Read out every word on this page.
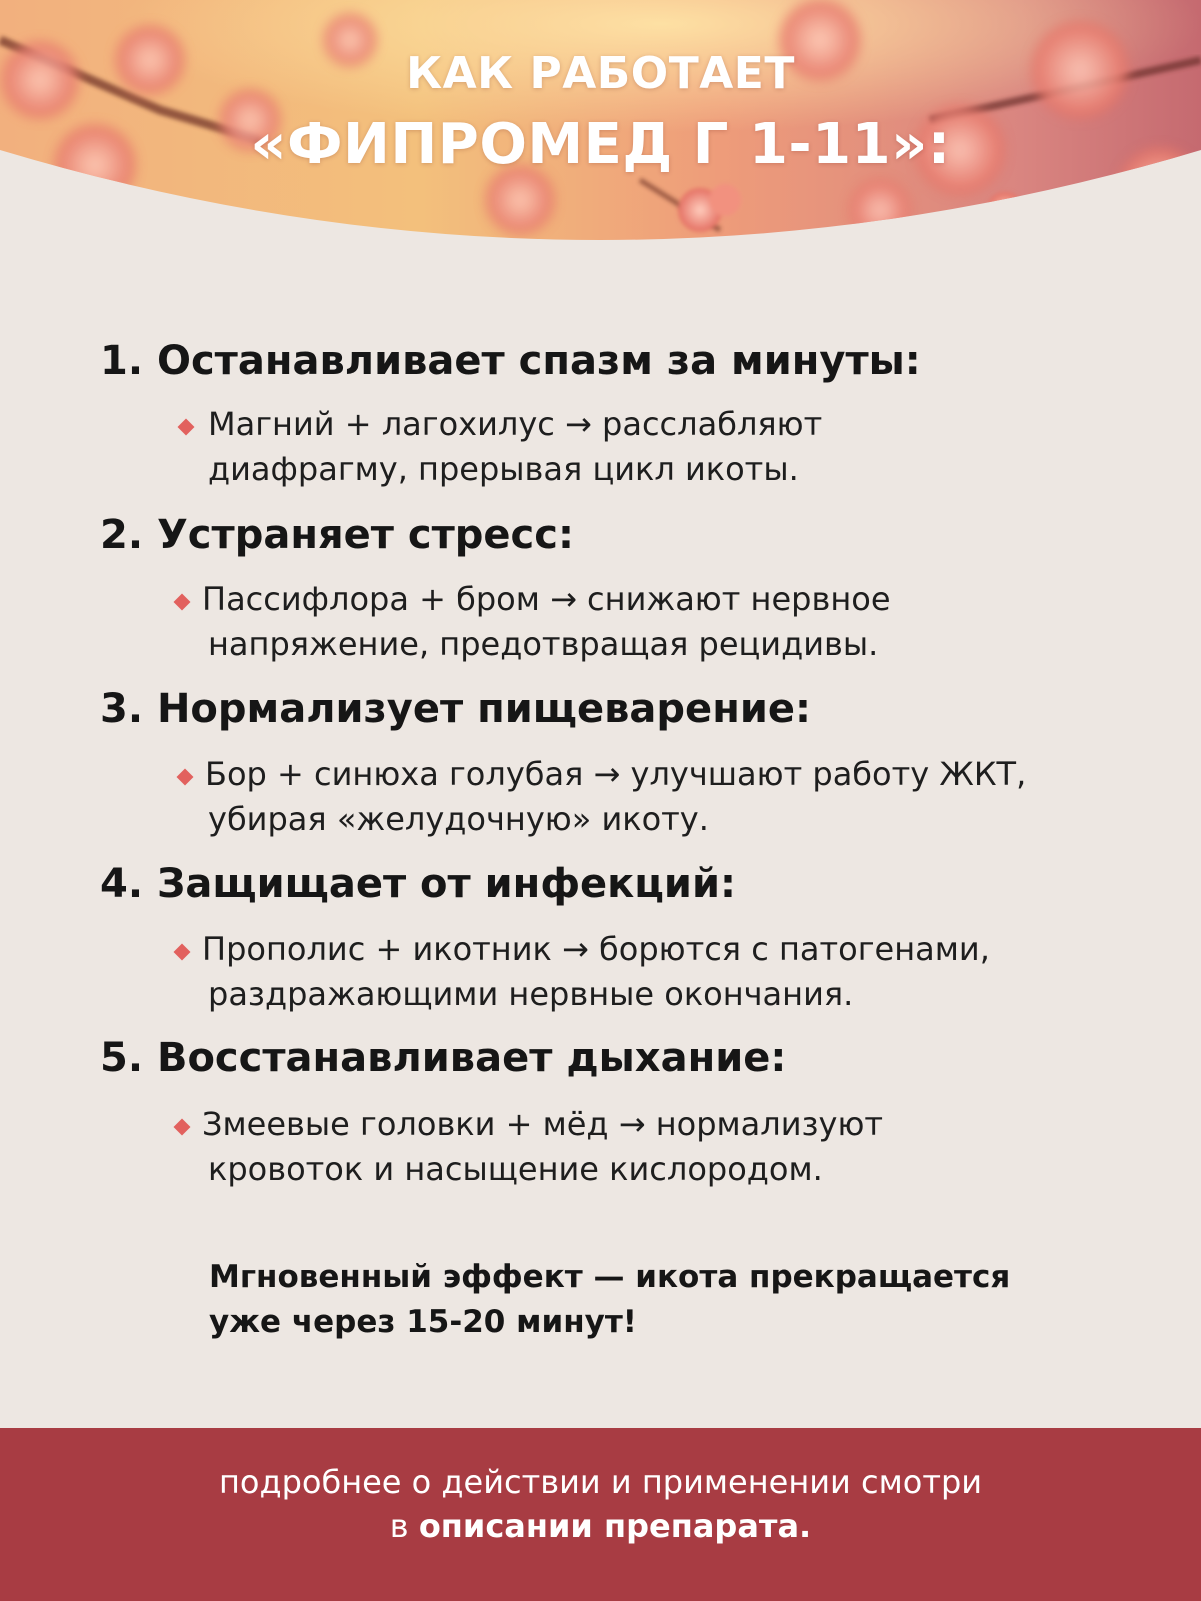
КАК РАБОТАЕТ
«ФИПРОМЕД Г 1-11»:
1. Останавливает спазм за минуты:
Магний + лагохилус → расслабляют
диафрагму, прерывая цикл икоты.
2. Устраняет стресс:
Пассифлора + бром → снижают нервное
напряжение, предотвращая рецидивы.
3. Нормализует пищеварение:
Бор + синюха голубая → улучшают работу ЖКТ,
убирая «желудочную» икоту.
4. Защищает от инфекций:
Прополис + икотник → борются с патогенами,
раздражающими нервные окончания.
5. Восстанавливает дыхание:
Змеевые головки + мёд → нормализуют
кровоток и насыщение кислородом.
Мгновенный эффект — икота прекращается
уже через 15-20 минут!
подробнее о действии и применении смотри
в описании препарата.
